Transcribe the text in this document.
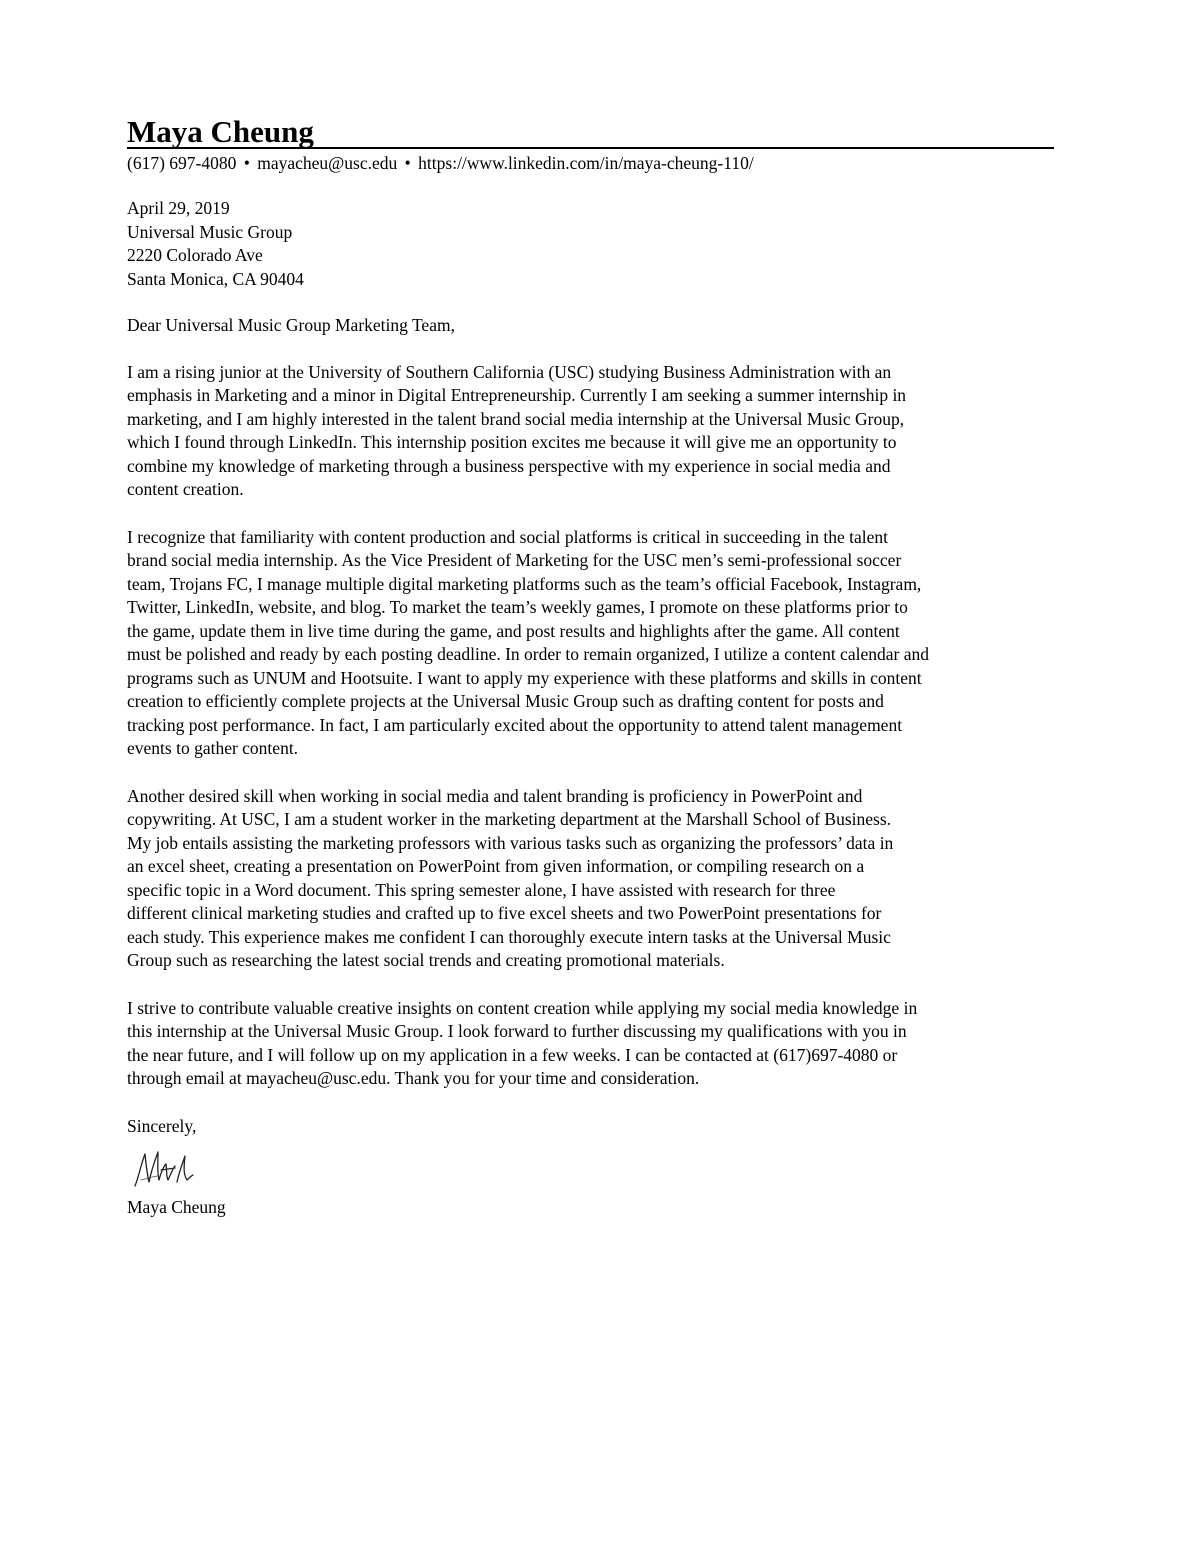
Maya Cheung
(617) 697-4080 • mayacheu@usc.edu • https://www.linkedin.com/in/maya-cheung-110/
April 29, 2019
Universal Music Group
2220 Colorado Ave
Santa Monica, CA 90404
Dear Universal Music Group Marketing Team,
I am a rising junior at the University of Southern California (USC) studying Business Administration with an
emphasis in Marketing and a minor in Digital Entrepreneurship. Currently I am seeking a summer internship in
marketing, and I am highly interested in the talent brand social media internship at the Universal Music Group,
which I found through LinkedIn. This internship position excites me because it will give me an opportunity to
combine my knowledge of marketing through a business perspective with my experience in social media and
content creation.
I recognize that familiarity with content production and social platforms is critical in succeeding in the talent
brand social media internship. As the Vice President of Marketing for the USC men’s semi-professional soccer
team, Trojans FC, I manage multiple digital marketing platforms such as the team’s official Facebook, Instagram,
Twitter, LinkedIn, website, and blog. To market the team’s weekly games, I promote on these platforms prior to
the game, update them in live time during the game, and post results and highlights after the game. All content
must be polished and ready by each posting deadline. In order to remain organized, I utilize a content calendar and
programs such as UNUM and Hootsuite. I want to apply my experience with these platforms and skills in content
creation to efficiently complete projects at the Universal Music Group such as drafting content for posts and
tracking post performance. In fact, I am particularly excited about the opportunity to attend talent management
events to gather content.
Another desired skill when working in social media and talent branding is proficiency in PowerPoint and
copywriting. At USC, I am a student worker in the marketing department at the Marshall School of Business.
My job entails assisting the marketing professors with various tasks such as organizing the professors’ data in
an excel sheet, creating a presentation on PowerPoint from given information, or compiling research on a
specific topic in a Word document. This spring semester alone, I have assisted with research for three
different clinical marketing studies and crafted up to five excel sheets and two PowerPoint presentations for
each study. This experience makes me confident I can thoroughly execute intern tasks at the Universal Music
Group such as researching the latest social trends and creating promotional materials.
I strive to contribute valuable creative insights on content creation while applying my social media knowledge in
this internship at the Universal Music Group. I look forward to further discussing my qualifications with you in
the near future, and I will follow up on my application in a few weeks. I can be contacted at (617)697-4080 or
through email at mayacheu@usc.edu. Thank you for your time and consideration.
Sincerely,
Maya Cheung
